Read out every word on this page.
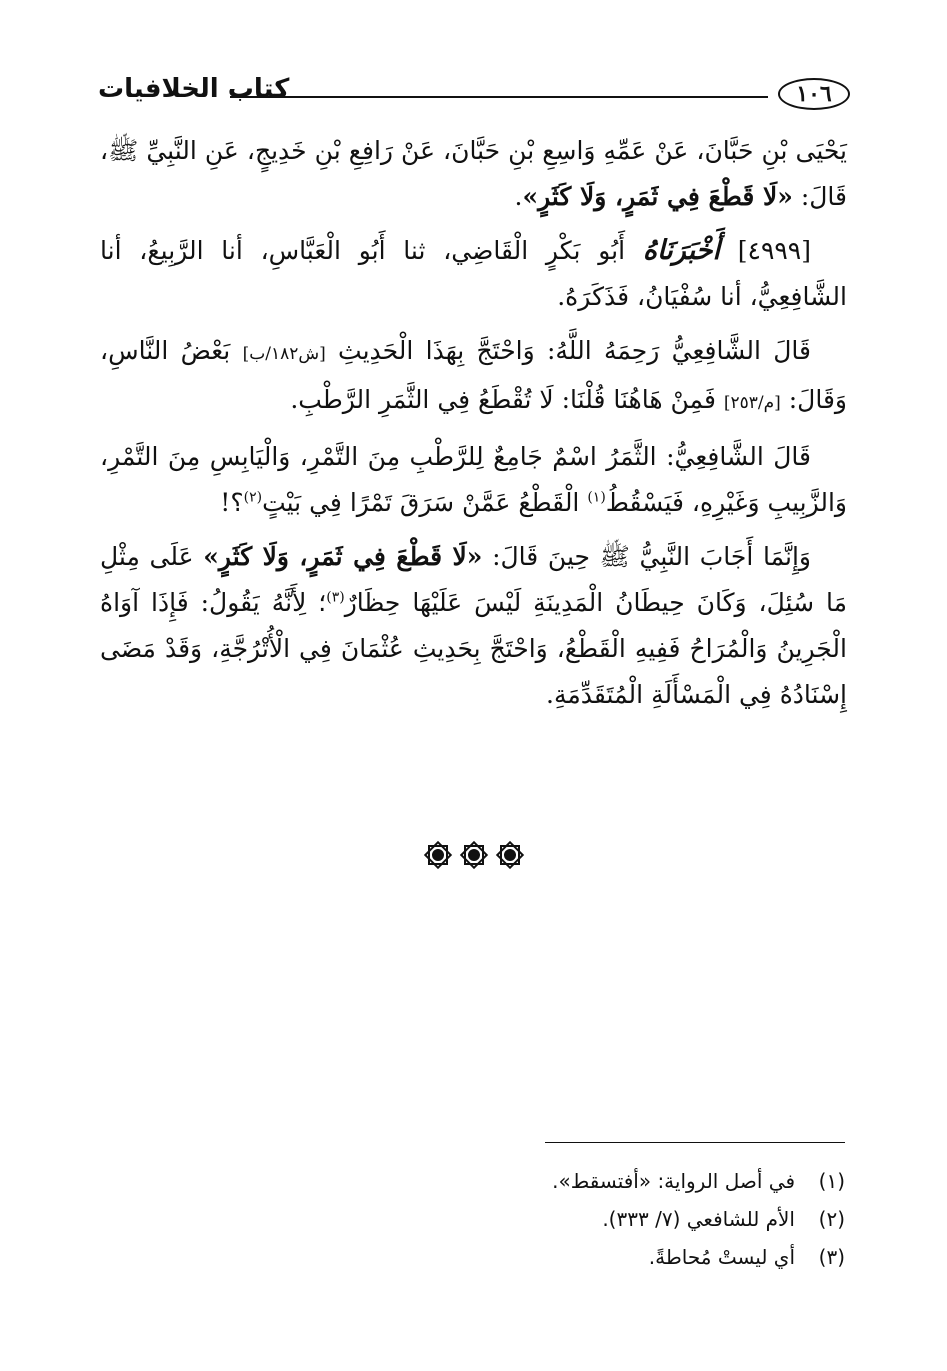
١٠٦
كتاب الخلافيات

يَحْيَى بْنِ حَبَّانَ، عَنْ عَمِّهِ وَاسِعِ بْنِ حَبَّانَ، عَنْ رَافِعِ بْنِ خَدِيجٍ، عَنِ النَّبِيِّ ﷺ، قَالَ: «لَا قَطْعَ فِي ثَمَرٍ، وَلَا كَثَرٍ».

[٤٩٩٩] أَخْبَرَنَاهُ أَبُو بَكْرٍ الْقَاضِي، ثنا أَبُو الْعَبَّاسِ، أنا الرَّبِيعُ، أنا الشَّافِعِيُّ، أنا سُفْيَانُ، فَذَكَرَهُ.

قَالَ الشَّافِعِيُّ رَحِمَهُ اللَّهُ: وَاحْتَجَّ بِهَذَا الْحَدِيثِ [ش١٨٢/ب] بَعْضُ النَّاسِ، وَقَالَ: [م/٢٥٣] فَمِنْ هَاهُنَا قُلْنَا: لَا تُقْطَعُ فِي الثَّمَرِ الرَّطْبِ.

قَالَ الشَّافِعِيُّ: الثَّمَرُ اسْمٌ جَامِعٌ لِلرَّطْبِ مِنَ التَّمْرِ، وَالْيَابِسِ مِنَ التَّمْرِ، وَالزَّبِيبِ وَغَيْرِهِ، فَيَسْقُطُ$^{(١)}$ الْقَطْعُ عَمَّنْ سَرَقَ تَمْرًا فِي بَيْتٍ$^{(٢)}$؟!

وَإِنَّمَا أَجَابَ النَّبِيُّ ﷺ حِينَ قَالَ: «لَا قَطْعَ فِي ثَمَرٍ، وَلَا كَثَرٍ» عَلَى مِثْلِ مَا سُئِلَ، وَكَانَ حِيطَانُ الْمَدِينَةِ لَيْسَ عَلَيْهَا حِظَارٌ$^{(٣)}$؛ لِأَنَّهُ يَقُولُ: فَإِذَا آوَاهُ الْجَرِينُ وَالْمُرَاحُ فَفِيهِ الْقَطْعُ، وَاحْتَجَّ بِحَدِيثِ عُثْمَانَ فِي الْأُتْرُجَّةِ، وَقَدْ مَضَى إِسْنَادُهُ فِي الْمَسْأَلَةِ الْمُتَقَدِّمَةِ.

(١)
في أصل الرواية: «أفتسقط».
(٢)
الأم للشافعي (٧/ ٣٣٣).
(٣)
أي ليستْ مُحاطةً.
